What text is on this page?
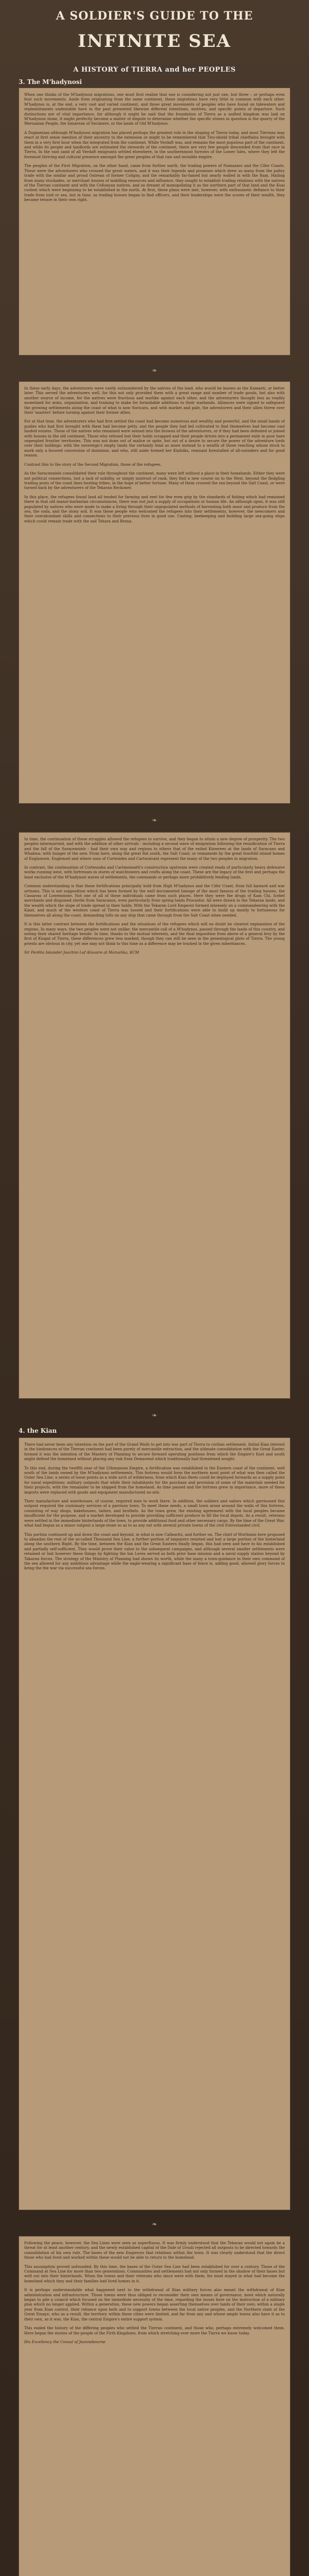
A SOLDIER'S GUIDE TO THE
INFINITE SEA
A HISTORY of TIERRA and her PEOPLES
3. The M'hadynosi

When one thinks of the M'hadynosi migrations, one must first realize that one is considering not just one, but three – or perhaps even four such movements. Aside from originating from the same continent, these migrations have very little in common with each other. M'hadynos is, at the end, a very vast and varied continent, and those great movements of peoples who have found on tidewaters and replenishments undeniable have in the past presented likewise different intentions, motives, and specific points of departure. Such distinctions are of vital importance, for although it might be said that the foundation of Tierra as a unified kingdom was laid on M'hadynosi stone, it might perfectly become a matter of dispute to determine whether the specific stones in question is the quarry of the Mersanian People, the Ismarean of Secimere, or the lands of Old M'hadynos.

A Dogmenian although M'hadynosi migration has placed perhaps the greatest role in the shaping of Tierra today, and most Tierrans may react at first sense mention of their ancestry to the extension or might to be remembered that Tiro-shield tribal chieftains brought with them in a very first hour when the integrated from the continent. While Verdaft was, and remains the most populous part of the continent, and while its people and landlords are estimated the stewards of the continent, there are very few people descended from that race in Tierra. In the vast sand of all Verdaft emigrants settled elsewhere, in the southernmost furrows of the Lower Isles, where they left the foremost thriving and cultural presence amongst the great peoples of that raw and invisible empire.

The peoples of the First Migration, on the other hand, came from further north, the trading powers of Namazaro and the Cifer Coasts. These were the adventurers who crossed the great waters, and it was their legends and promises which drew so many from the paltry trade with the similar and proud Ostrean of former Coligny, and the remarkably far-famed but nearly walled in with the Ram. Hailing from many stockades, or merchant houses of middling resources and influence, they sought to establish trading relations with the natives of the Tierran continent and with the Cellonyan natives, and so dreamt of monopolizing it as the northern part of that land and the Kuai coolest which were beginning to be established in the north. At first, these plans were met, however, with enthusiastic defiance to their trade from lord or sea, but in time, as trading houses began to find officers, and their leaderships were the scores of their wealth, they became tenure in their own right.

❧

In these early days, the adventurers were vastly outnumbered by the natives of the land, who would be known as the Kamaeti, or better later. This served the adventurers well, for this not only provided them with a great range and number of trade goods, but also with another source of income, for the natives were fractious and warlike against each other, and the adventurers thought less as readily monetized for arms, organization, and training to make for formidable additions to their warbands. Alliances were signed to safeguard the growing settlements along the coast of what is now Soricara, and with market and pale, the adventurers and their allies threw over their 'masters' before turning against their former allies.

For at that time, the adventurers who had first settled the coast had become numerous and wealthy and powerful, and the small bands of guides who had first brought with them had become petty, and the people they had led cultivated to find themselves had become vast landed estates. Those of the natives who remained were sensed into the browns of the adventurers, or if they had been defeated or joined with houses in the old continent. Those who refused lost their holds scrapped and their people driven into a permanent exile in poor bare unpeopled frontier territories. This was not done out of malice or spite, but out of a desire to secure the power of the adventure lords over their holdings: with the sovereign's empty lands the certainly tend as more instead to a wealth of those reaching whose stock to mark only a favored conversion of dominion, and who, still aside formed her Kinfolks, remnant forestalled of all-outsiders and for good reason.

Contrast this to the story of the Second Migration, those of the refugees.

As the Saracenniels consolidated their rule throughout the continent, many were left without a place in their homelands. Either they were not political connections, lost a lack of nobility, or simply mistrust of rank, they find a new course on to the West, beyond the fledgling trading posts of the coast lines hosting tribes, in the hope of better fortune. Many of them crossed the sea beyond the Salt Coast, or were turned back by the adventurers of the Tekaran Reckoner.

In this place, the refugees found land all tended for farming and rent for few even grip by the standards of fishing which had remained there in that old manor-barbarian circumstances, there was not just a supply of occupations or human life. An although upon, it was still populated by natives who were made to make a living through their unpopulated methods of harvesting both moor and produce from the sea, the soda, and the stony soil. It was these people who welcomed the refugees into their settlements, however, the newcomers and their overabundant skills and connections to their previous lives in good use. Casting, beekeeping and building large sea-going ships which could remain trade with the sail Tekara and Brana.

❧

In time, the continuation of these struggles allowed the refugees to survive, and they began to attain a new degree of prosperity. The two peoples intermarried, and with the addition of other arrivals - including a second wave of emigration following the reunification of Tierra and the fall of the Saracenniels - had their own way and regions to others that of the exiled Kinwrees at the lands of Saracano and Whakwa: with hunger of the new. From here, along the great flat south, the Salt Coast, or remainede by the great fourfold inland homes of Englawore, Englenoel and where sons of Cortesides and Cartwaivant represent the many of the two peoples in migration.

In contrast, the continuation of Cortessaba and Cartmeneatti's construction upstream were created reads of particularly heavy defensive works running west, with fortresses in stores of watchtowers and crofts along the coast. These are the legacy of the first and perhaps the least exclusive of the M'hadynosi waves of settlements, the commands or perhaps more prohibitively lending lands.

Common understanding is that these fortifications principally hold from High M'hadynos and the Cifer Coast, from full bastard and war artisans. This is not supposition which has been formed by the well documented lineage of the most famous of the trading houses, the Cassavas of Lowenstone. Not one of all of these individuals came from such places. Here they were the drugs of Kam Chi, Icebel merchants and disguised sterile from Saracanos, even particularly from spring lands Procastor. All were drawn to the Tekaran lands, and the wealth which the slope of trade spread in their holds. With the Tekaran Lord Emperor formed intensely on a commandeering with the Kaiat, and much of the western coast of Tierra was loosed and their fortifications were able to build up mostly to fortuneous for themselves all along the coast, demanding tolls on any ship that came through from the Salt Coast when needed.

It is this latter contrast between the fortifications and the situations of the refugees which will no doubt be clearest explanation of the regions. In many ways, the two peoples were not unlike: the mercantile call of a M'hadynos, passed through the lands of this country, and noting their shared heritage beside. In time, thanks to the mutual interests, and the final imposition from above of a general levy by the first of Kingat of Tierra, these differences grew less marked, though they can still be seen in the genealogical plots of Tierra. The young priests are obvious in city, yet one may not think to this time as a difference may be tracked in the given inheritances.

Sir Perdita Iskander Joachim Lef Aluvaire at Marushka, KCM
❧
4. the Kian

There had never been any intention on the part of the Grand Waifs to get into war part of Tierra to civilian settlement. Initial Kian interest in the hindrances of the Tierran continent had been purely of mercantile extraction, and the ultimate consolidation with the Great Easter, formed it was the intention of the Mastery of Planning to secure forward operating positions from which the Empire's East and south might defend the homeland without placing any risk from Demavend which traditionally had threatened sought.

To this end, during the twelfth year of the Uthmanson Empire, a fortification was established in the Eastern coast of the continent, well south of the lands owned by the M'hadynosi settlements. This fortress would form the northern most point of what was then called the Outer Sea Line, a series of loose points as a wide arch of wilderness, from which Kian fleets could be deployed forwards as a supply point for naval expeditions: military outposts that while their inhabitants for the purchase and provision of some of the materials needed for their projects, with the remainder to be shipped from the homeland. As time passed and the fortress grew in importance, more of these imports were replaced with goods and equipment manufactured on-site.

Their manufacture and warehouses, of course, required men to work there. In addition, the soldiers and sailors which garrisoned this outpost required the customary services of a garrison town. To meet these needs, a small town arose around the walls of this fortress, consisting of way shops, bakehouses, tailors, and brothels. As the town grew, the existing agreement with the local peoples became insufficient for the purpose, and a market developed to provide providing sufficient produce to fill the local depots. As a result, veterans were settled in the immediate hinterlands of the town, to provide additional food and other necessary cargo. By the time of the Great War, what had begun as a minor outpost a large-stone so as to as any out with several private towns of the civil Extrostanded civil.

This portion continued up and down the coast and beyond, in what is now Callearitz, and further on. The chief of Worthmin here proposed to abandon the rest of the so-called Thousand Sea Line, a further portion of taxpayers resisted and lost a large portion of the hinterland along the southern Bight. By the time, between the Kian and the Great Eastern finally began, this had seen and have to his established and partially self-sufficient. They would prove their value to the subsequent campaigns, and although several smaller settlements were retained or lost however these things by fighting the Ian Loves served as both prior base mission and a naval supply station beyond by Takaran forces. The strategy of the Ministry of Planning had shown its worth, while the many a town-guidance in their own command of the sea allowed for any ambitious advantage while the eagle-wearing a significant base of fence is, adding good, allowed glory forces to bring the the war via successful sea forces.

❧

Following the peace, however, the Sea Lines were seen as superfluous. It was firmly understood that the Tekaran would not again be a threat for at least another century, and the newly established capital of the Dale of Ursuli rejected all outposts to be directed towards the consolidation of his own rule. The bases of the new Emperors that relations within the town. It was clearly understood that the direct those who had lived and worked within these would not be able to return to the homeland.

This assumption proved unfounded. By this time, the bases of the Outer Sea Line had been established for over a century. Those of the Command at Sea Line for more than two generations. Communities and settlements had not only formed in the shadow of their bases but well out into their hinterlands. When the towns and their veterans who since were with them, for most stayed in what had become the homeland which they and their families had lived homes in it.

It is perhaps understandable what happened next to the withdrawal of Kian military forces also meant the withdrawal of Kian administration and infrastructure. Those towns were thus obliged to reconsider their own means of governance, most which naturally began to pile a council which focused on the immediate necessity of the time, regarding the issues here on the instruction of a military plan which no longer applied. Within a generation, these new powers began asserting themselves over lands of their own; within a single year from Kian control, their reliance upon both and to support towns between the local native peoples, and the Northern state of the Great Emaye, who as a result, the territory within these cities were limited, and far from any and whose ample towns also have it as to their own, as it was, the Kian, the central Empire's entire support system.

This ended the history of the differing peoples who settled the Tierran continent, and those who, perhaps extremely welcomed them. Here began the stories of the people of the Firth Kingdoms, from which stretching ever more the Tierra we know today.

His Excellency the Consul of Jeannebourne
